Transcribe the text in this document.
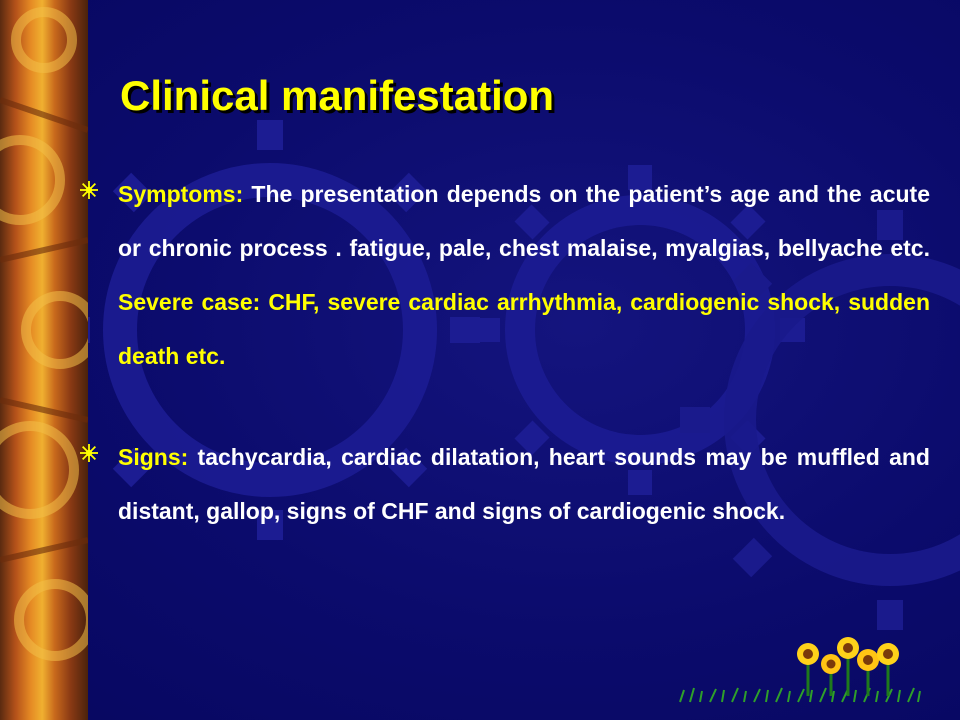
Clinical manifestation

Symptoms: The presentation depends on the patient’s age and the acute or chronic process . fatigue, pale, chest malaise, myalgias, bellyache etc. Severe case: CHF, severe cardiac arrhythmia, cardiogenic shock, sudden death etc.

Signs: tachycardia, cardiac dilatation, heart sounds may be muffled and distant, gallop, signs of CHF and signs of cardiogenic shock.
